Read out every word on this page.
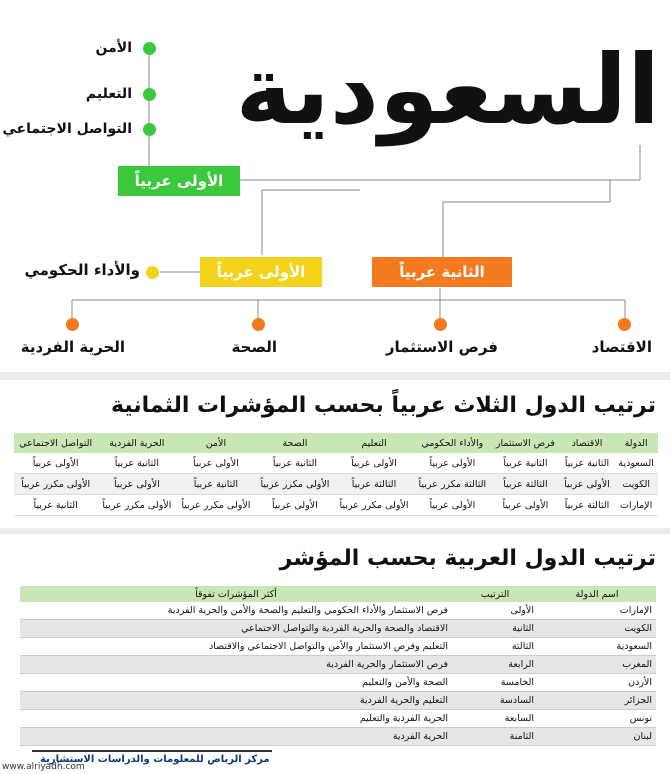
السعودية
الأمن
التعليم
التواصل الاجتماعي
الأولى عربياً
الأولى عربياً	الثانية عربياً
والأداء الحكومي
الاقتصاد
فرص الاستثمار
الصحة
الحرية الفردية
ترتيب الدول الثلاث عربياً بحسب المؤشرات الثمانية
الدولة	الاقتصاد	فرص الاستثمار	والأداء الحكومي	التعليم	الصحة	الأمن	الحرية الفردية	التواصل الاجتماعي
السعودية	الثانية عربياً	الثانية عربياً	الأولى عربياً	الأولى عربياً	الثانية عربياً	الأولى عربياً	الثانية عربياً	الأولى عربياً
الكويت	الأولى عربياً	الثالثة عربياً	الثالثة مكرر عربياً	الثالثة عربياً	الأولى مكرر عربياً	الثانية عربياً	الأولى عربياً	الأولى مكرر عربياً
الإمارات	الثالثة عربياً	الأولى عربياً	الأولى عربياً	الأولى مكرر عربياً	الأولى عربياً	الأولى مكرر عربياً	الأولى مكرر عربياً	الثانية عربياً
ترتيب الدول العربية بحسب المؤشر
اسم الدولة	الترتيب	أكثر المؤشرات تفوقاً
الإمارات	الأولى	فرص الاستثمار والأداء الحكومي والتعليم والصحة والأمن والحرية الفردية
الكويت	الثانية	الاقتصاد والصحة والحرية الفردية والتواصل الاجتماعي
السعودية	الثالثة	التعليم وفرص الاستثمار والأمن والتواصل الاجتماعي والاقتصاد
المغرب	الرابعة	فرص الاستثمار والحرية الفردية
الأردن	الخامسة	الصحة والأمن والتعليم
الجزائر	السادسة	التعليم والحرية الفردية
تونس	السابعة	الحرية الفردية والتعليم
لبنان	الثامنة	الحرية الفردية

مركز الرياض للمعلومات والدراسات الاستشارية
www.alriyadh.com
